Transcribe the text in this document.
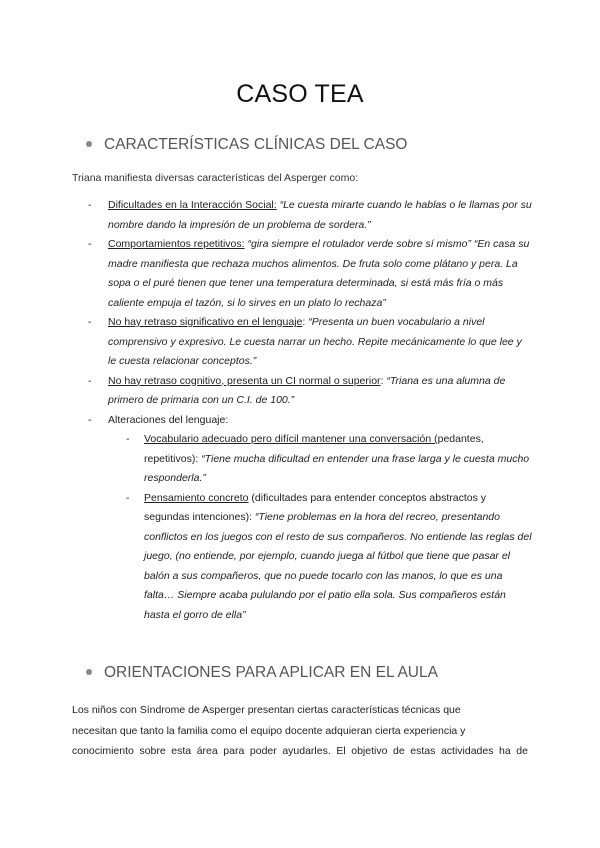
CASO TEA
CARACTERÍSTICAS CLÍNICAS DEL CASO
Triana manifiesta diversas características del Asperger como:
- Dificultades en la Interacción Social: “Le cuesta mirarte cuando le hablas o le llamas por su nombre dando la impresión de un problema de sordera.”
- Comportamientos repetitivos: “gira siempre el rotulador verde sobre sí mismo” “En casa su madre manifiesta que rechaza muchos alimentos. De fruta solo come plátano y pera. La sopa o el puré tienen que tener una temperatura determinada, si está más fría o más caliente empuja el tazón, si lo sirves en un plato lo rechaza”
- No hay retraso significativo en el lenguaje: “Presenta un buen vocabulario a nivel comprensivo y expresivo. Le cuesta narrar un hecho. Repite mecánicamente lo que lee y le cuesta relacionar conceptos.”
- No hay retraso cognitivo, presenta un CI normal o superior: “Triana es una alumna de primero de primaria con un C.I. de 100.”
- Alteraciones del lenguaje:
- Vocabulario adecuado pero difícil mantener una conversación (pedantes, repetitivos): “Tiene mucha dificultad en entender una frase larga y le cuesta mucho responderla.”
- Pensamiento concreto (dificultades para entender conceptos abstractos y segundas intenciones): “Tiene problemas en la hora del recreo, presentando conflictos en los juegos con el resto de sus compañeros. No entiende las reglas del juego, (no entiende, por ejemplo, cuando juega al fútbol que tiene que pasar el balón a sus compañeros, que no puede tocarlo con las manos, lo que es una falta… Siempre acaba pululando por el patio ella sola. Sus compañeros están hasta el gorro de ella”
ORIENTACIONES PARA APLICAR EN EL AULA
Los niños con Síndrome de Asperger presentan ciertas características técnicas que
necesitan que tanto la familia como el equipo docente adquieran cierta experiencia y
conocimiento sobre esta área para poder ayudarles. El objetivo de estas actividades ha de
